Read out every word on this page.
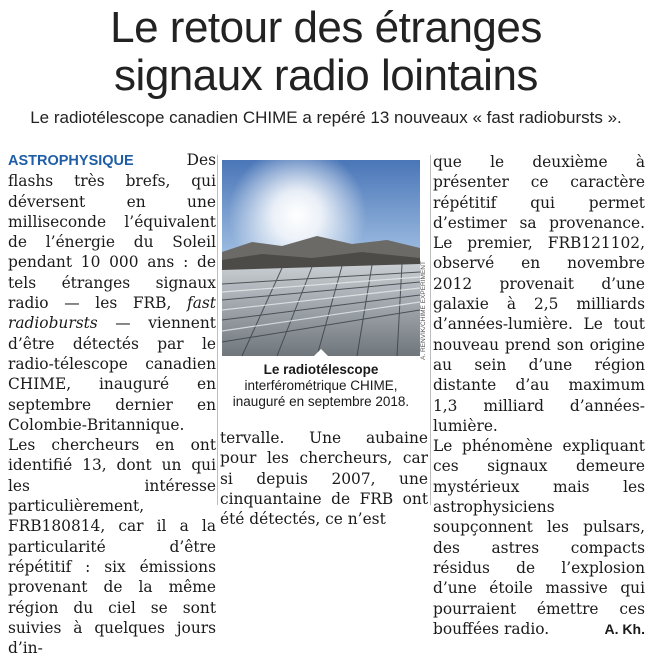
Le retour des étranges
signaux radio lointains
Le radiotélescope canadien CHIME a repéré 13 nouveaux « fast radiobursts ».

ASTROPHYSIQUE	Des flashs très brefs, qui déversent en une milliseconde l’équivalent de l’énergie du Soleil pendant 10 000 ans : de tels étranges signaux radio — les FRB, fast radiobursts — viennent d’être détectés par le radio-télescope canadien CHIME, inauguré en septembre dernier en Colombie-Britannique. Les chercheurs en ont identifié 13, dont un qui les intéresse particulièrement, FRB180814, car il a la particularité d’être répétitif : six émissions provenant de la même région du ciel se sont suivies à quelques jours d’in-

A. RENVIK/CHIME EXPERIMENT
Le radiotélescope
interférométrique CHIME,
inauguré en septembre 2018.

tervalle. Une aubaine pour les chercheurs, car si depuis 2007, une cinquantaine de FRB ont été détectés, ce n’est

que le deuxième à présenter ce caractère répétitif qui permet d’estimer sa provenance. Le premier, FRB121102, observé en novembre 2012 provenait d’une galaxie à 2,5 milliards d’années-lumière. Le tout nouveau prend son origine au sein d’une région distante d’au maximum 1,3 milliard d’années-lumière.

Le phénomène expliquant ces signaux demeure mystérieux mais les astrophysiciens soupçonnent les pulsars, des astres compacts résidus de l’explosion d’une étoile massive qui pourraient émettre ces bouffées radio.	A. Kh.
